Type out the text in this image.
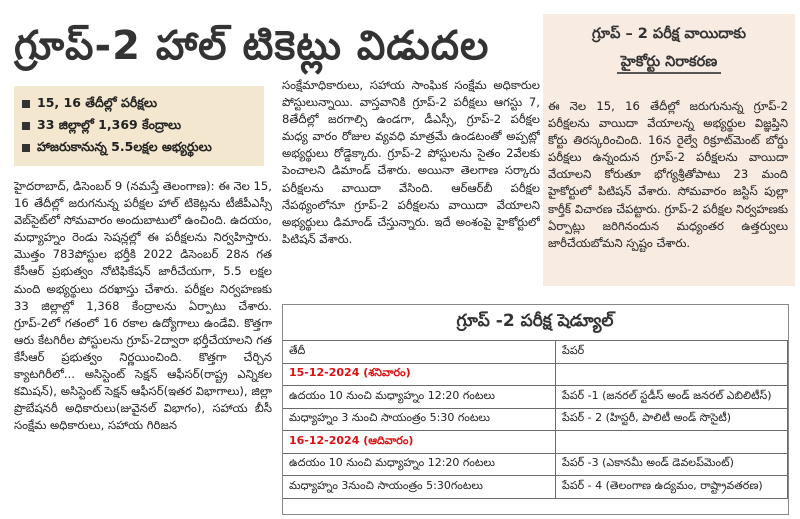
గ్రూప్-2 హాల్ టికెట్లు విడుదల
15, 16 తేదీల్లో పరీక్షలు
33 జిల్లాల్లో 1,369 కేంద్రాలు
హాజరుకానున్న 5.5లక్షల అభ్యర్థులు
హైదరాబాద్, డిసెంబర్ 9 (నమస్తే తెలంగాణ): ఈ నెల 15, 16 తేదీల్లో జరుగనున్న పరీక్షల హాల్ టికెట్లను టీజీపీఎస్సీ వెబ్‌సైట్‌లో సోమవారం అందుబాటులో ఉంచింది. ఉదయం, మధ్యాహ్నం రెండు సెషన్లల్లో ఈ పరీక్షలను నిర్వహిస్తారు. మొత్తం 783పోస్టుల భర్తీకి 2022 డిసెంబర్ 28న గత కేసీఆర్ ప్రభుత్వం నోటిఫికేషన్ జారీచేయగా, 5.5 లక్షల మంది అభ్యర్థులు దరఖాస్తు చేశారు. పరీక్షల నిర్వహణకు 33 జిల్లాల్లో 1,368 కేంద్రాలను ఏర్పాటు చేశారు. గ్రూప్-2లో గతంలో 16 రకాల ఉద్యోగాలు ఉండేవి. కొత్తగా ఆరు కేటగిరీల పోస్టులను గ్రూప్-2ద్వారా భర్తీచేయాలని గత కేసీఆర్ ప్రభుత్వం నిర్ణయించింది. కొత్తగా చేర్చిన క్యాటగిరీలో... అసిస్టెంట్ సెక్షన్ ఆఫీసర్(రాష్ట్ర ఎన్నికల కమిషన్), అసిస్టెంట్ సెక్షన్ ఆఫీసర్(ఇతర విభాగాలు), జిల్లా ప్రొబేషనరీ అధికారులు(జువైనల్ విభాగం), సహాయ బీసీ సంక్షేమ అధికారులు, సహాయ గిరిజన
సంక్షేమాధికారులు, సహాయ సాంఘిక సంక్షేమ అధికారుల పోస్టులున్నాయి. వాస్తవానికి గ్రూప్-2 పరీక్షలు ఆగస్టు 7, 8తేదీల్లో జరగాల్సి ఉండగా, డీఎస్సీ, గ్రూప్-2 పరీక్షల మధ్య వారం రోజుల వ్యవధి మాత్రమే ఉండటంతో అప్పట్లో అభ్యర్థులు రోడ్డెక్కారు. గ్రూప్-2 పోస్టులను సైతం 2వేలకు పెంచాలని డిమాండ్ చేశారు. అయినా తెలగాణ సర్కారు పరీక్షలను వాయిదా వేసింది. ఆర్‌ఆర్‌బీ పరీక్షల నేపథ్యంలోనూ గ్రూప్-2 పరీక్షలను వాయిదా వేయాలని అభ్యర్థులు డిమాండ్ చేస్తున్నారు. ఇదే అంశంపై హైకోర్టులో పిటిషన్ వేశారు.
గ్రూప్ – 2 పరీక్ష వాయిదాకు
హైకోర్టు నిరాకరణ
ఈ నెల 15, 16 తేదీల్లో జరుగునున్న గ్రూప్-2 పరీక్షలను వాయిదా వేయాలన్న అభ్యర్థుల విజ్ఞప్తిని కోర్టు తిరస్కరించింది. 16న రైల్వే రిక్రూట్‌మెంట్ బోర్డు పరీక్షలు ఉన్నందున గ్రూప్-2 పరీక్షలను వాయిదా వేయాలని కోరుతూ భోగ్యశ్రీతోపాటు 23 మంది హైకోర్టులో పిటిషన్ వేశారు. సోమవారం జస్టిస్ పుల్లా కార్తీక్ విచారణ చేపట్టారు. గ్రూప్-2 పరీక్షల నిర్వహణకు ఏర్పాట్లు జరిగినందున మధ్యంతర ఉత్తర్వులు జారీచేయబోమని స్పష్టం చేశారు.
గ్రూప్ -2 పరీక్ష షెడ్యూల్
తేదీ	పేపర్
15-12-2024 (శనివారం)	
ఉదయం 10 నుంచి మధ్యాహ్నం 12:20 గంటలు	పేపర్ -1 (జనరల్ స్టడీస్ అండ్ జనరల్ ఎబిలిటీస్)
మధ్యాహ్నం 3 నుంచి సాయంత్రం 5:30 గంటలు	పేపర్ - 2 (హిస్టరీ, పాలిటీ అండ్ సొసైటీ)
16-12-2024 (ఆదివారం)	
ఉదయం 10 నుంచి మధ్యాహ్నం 12:20 గంటలు	పేపర్ -3 (ఎకానమీ అండ్ డెవలప్‌మెంట్)
మధ్యాహ్నం 3నుంచి సాయంత్రం 5:30గంటలు	పేపర్ - 4 (తెలంగాణ ఉద్యమం, రాష్ట్రావతరణ)
